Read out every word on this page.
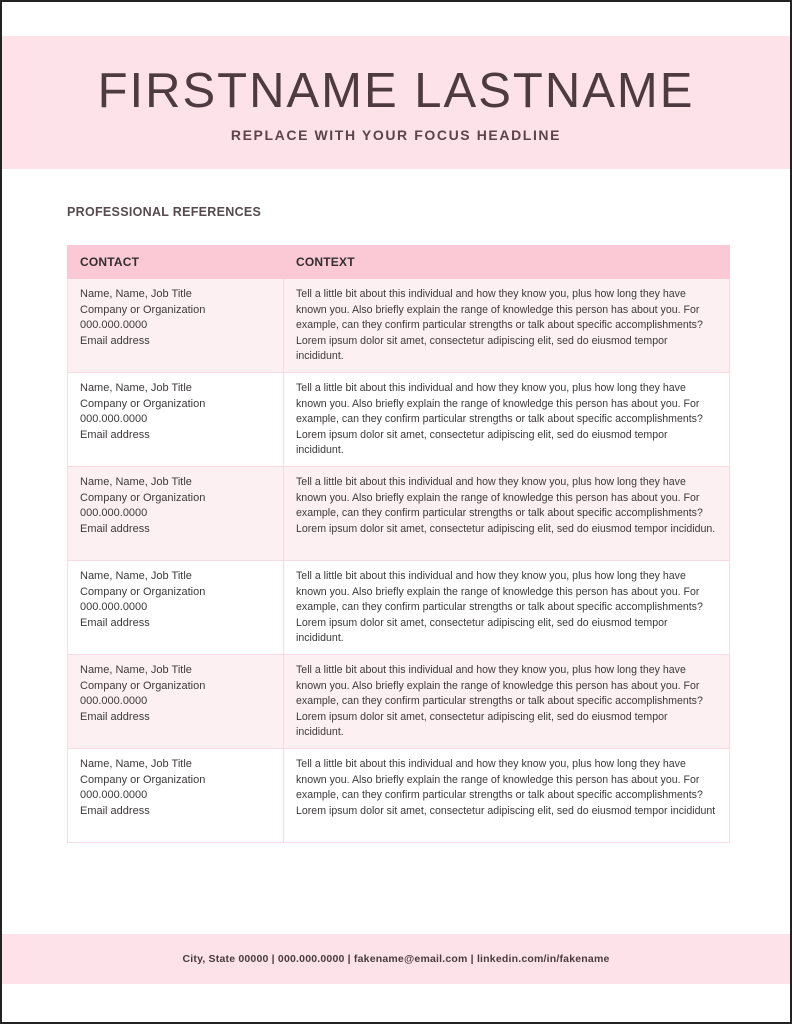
FIRSTNAME LASTNAME
REPLACE WITH YOUR FOCUS HEADLINE
PROFESSIONAL REFERENCES
CONTACT	CONTEXT

Name, Name, Job Title
Company or Organization
000.000.0000
Email address
	Tell a little bit about this individual and how they know you, plus how long they have known you. Also briefly explain the range of knowledge this person has about you. For example, can they confirm particular strengths or talk about specific accomplishments? Lorem ipsum dolor sit amet, consectetur adipiscing elit, sed do eiusmod tempor incididunt.

Name, Name, Job Title
Company or Organization
000.000.0000
Email address
	Tell a little bit about this individual and how they know you, plus how long they have known you. Also briefly explain the range of knowledge this person has about you. For example, can they confirm particular strengths or talk about specific accomplishments? Lorem ipsum dolor sit amet, consectetur adipiscing elit, sed do eiusmod tempor incididunt.

Name, Name, Job Title
Company or Organization
000.000.0000
Email address
	Tell a little bit about this individual and how they know you, plus how long they have known you. Also briefly explain the range of knowledge this person has about you. For example, can they confirm particular strengths or talk about specific accomplishments? Lorem ipsum dolor sit amet, consectetur adipiscing elit, sed do eiusmod tempor incididun.

Name, Name, Job Title
Company or Organization
000.000.0000
Email address
	Tell a little bit about this individual and how they know you, plus how long they have known you. Also briefly explain the range of knowledge this person has about you. For example, can they confirm particular strengths or talk about specific accomplishments? Lorem ipsum dolor sit amet, consectetur adipiscing elit, sed do eiusmod tempor incididunt.

Name, Name, Job Title
Company or Organization
000.000.0000
Email address
	Tell a little bit about this individual and how they know you, plus how long they have known you. Also briefly explain the range of knowledge this person has about you. For example, can they confirm particular strengths or talk about specific accomplishments? Lorem ipsum dolor sit amet, consectetur adipiscing elit, sed do eiusmod tempor incididunt.

Name, Name, Job Title
Company or Organization
000.000.0000
Email address
	Tell a little bit about this individual and how they know you, plus how long they have known you. Also briefly explain the range of knowledge this person has about you. For example, can they confirm particular strengths or talk about specific accomplishments? Lorem ipsum dolor sit amet, consectetur adipiscing elit, sed do eiusmod tempor incididunt
City, State 00000 | 000.000.0000 | fakename@email.com | linkedin.com/in/fakename
